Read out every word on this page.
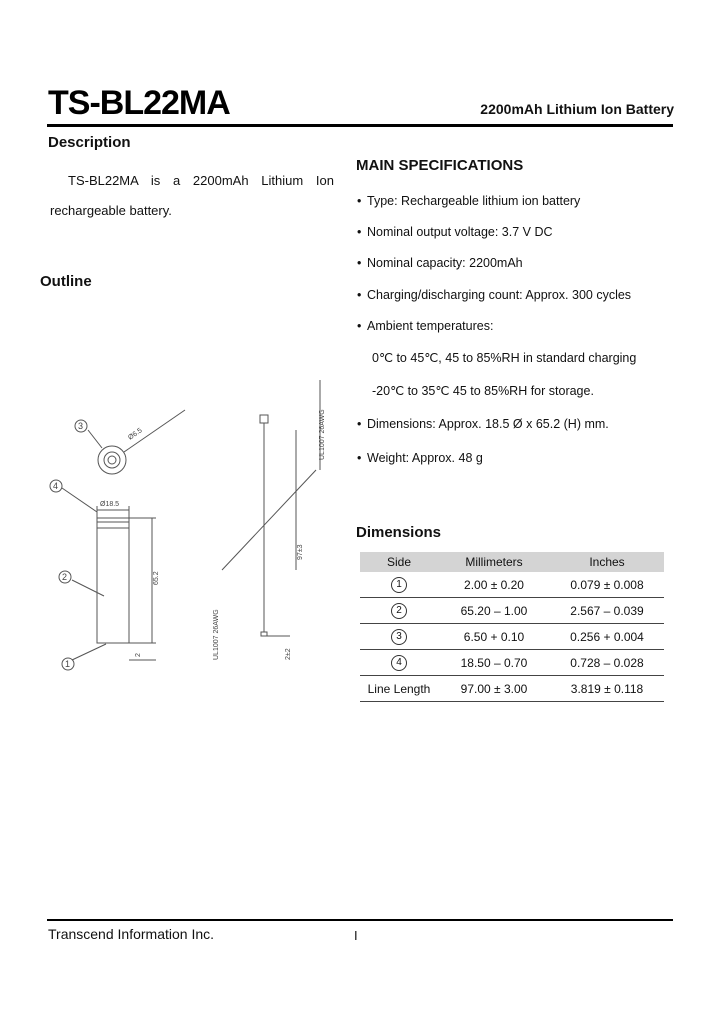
TS-BL22MA	2200mAh Lithium Ion Battery
Description
TS-BL22MA is a 2200mAh Lithium Ion rechargeable battery.
Outline
3
4
2
1
Ø18.5
65.2
2	2±2
97±3
Ø6.5	UL1007 26AWG
UL1007 26AWG
MAIN SPECIFICATIONS
• Type: Rechargeable lithium ion battery
• Nominal output voltage: 3.7 V DC
• Nominal capacity: 2200mAh
• Charging/discharging count: Approx. 300 cycles
• Ambient temperatures:
0℃ to 45℃, 45 to 85%RH in standard charging
-20℃ to 35℃ 45 to 85%RH for storage.
• Dimensions: Approx. 18.5 Ø x 65.2 (H) mm.
• Weight: Approx. 48 g
Dimensions
Side	Millimeters	Inches
1	2.00 ± 0.20	0.079 ± 0.008
2	65.20 – 1.00	2.567 – 0.039
3	6.50 + 0.10	0.256 + 0.004
4	18.50 – 0.70	0.728 – 0.028
Line Length	97.00 ± 3.00	3.819 ± 0.118
Transcend Information Inc.	I
